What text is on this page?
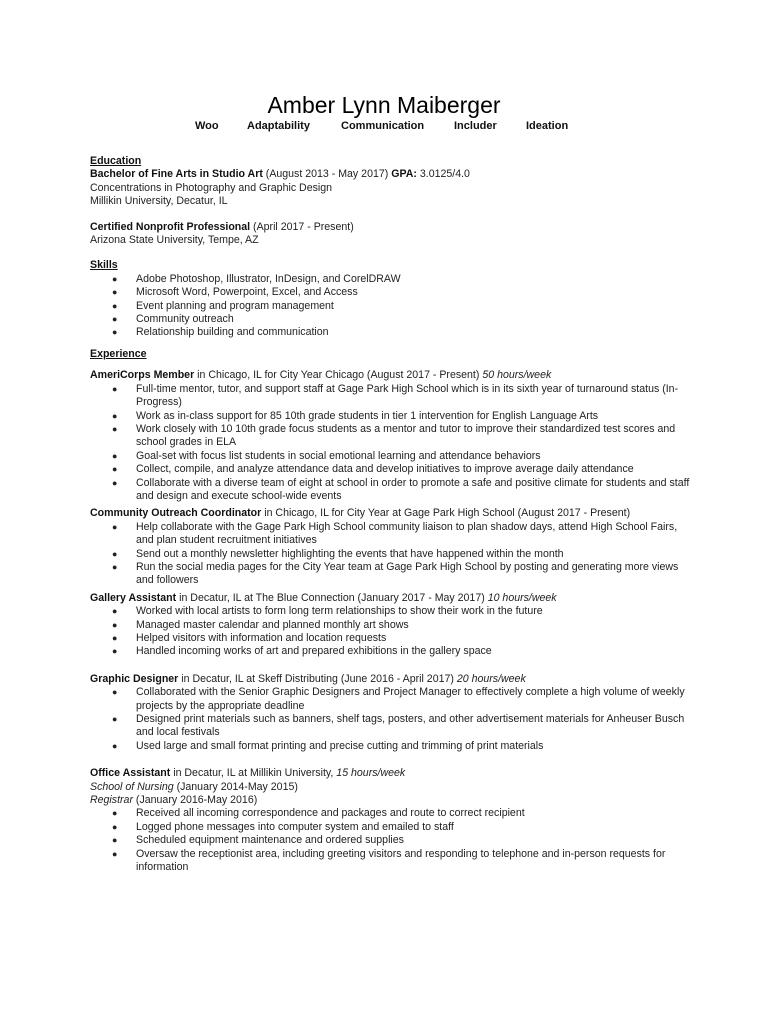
Amber Lynn Maiberger
Woo	Adaptability	Communication	Includer	Ideation
Education
Bachelor of Fine Arts in Studio Art (August 2013 - May 2017) GPA: 3.0125/4.0
Concentrations in Photography and Graphic Design
Millikin University, Decatur, IL
Certified Nonprofit Professional (April 2017 - Present)
Arizona State University, Tempe, AZ
Skills
● Adobe Photoshop, Illustrator, InDesign, and CorelDRAW
● Microsoft Word, Powerpoint, Excel, and Access
● Event planning and program management
● Community outreach
● Relationship building and communication
Experience
AmeriCorps Member in Chicago, IL for City Year Chicago (August 2017 - Present) 50 hours/week
● Full-time mentor, tutor, and support staff at Gage Park High School which is in its sixth year of turnaround status (In-Progress)
● Work as in-class support for 85 10th grade students in tier 1 intervention for English Language Arts
● Work closely with 10 10th grade focus students as a mentor and tutor to improve their standardized test scores and school grades in ELA
● Goal-set with focus list students in social emotional learning and attendance behaviors
● Collect, compile, and analyze attendance data and develop initiatives to improve average daily attendance
● Collaborate with a diverse team of eight at school in order to promote a safe and positive climate for students and staff and design and execute school-wide events
Community Outreach Coordinator in Chicago, IL for City Year at Gage Park High School (August 2017 - Present)
● Help collaborate with the Gage Park High School community liaison to plan shadow days, attend High School Fairs, and plan student recruitment initiatives
● Send out a monthly newsletter highlighting the events that have happened within the month
● Run the social media pages for the City Year team at Gage Park High School by posting and generating more views and followers
Gallery Assistant in Decatur, IL at The Blue Connection (January 2017 - May 2017) 10 hours/week
● Worked with local artists to form long term relationships to show their work in the future
● Managed master calendar and planned monthly art shows
● Helped visitors with information and location requests
● Handled incoming works of art and prepared exhibitions in the gallery space
Graphic Designer in Decatur, IL at Skeff Distributing (June 2016 - April 2017) 20 hours/week
● Collaborated with the Senior Graphic Designers and Project Manager to effectively complete a high volume of weekly projects by the appropriate deadline
● Designed print materials such as banners, shelf tags, posters, and other advertisement materials for Anheuser Busch and local festivals
● Used large and small format printing and precise cutting and trimming of print materials
Office Assistant in Decatur, IL at Millikin University, 15 hours/week
School of Nursing (January 2014-May 2015)
Registrar (January 2016-May 2016)
● Received all incoming correspondence and packages and route to correct recipient
● Logged phone messages into computer system and emailed to staff
● Scheduled equipment maintenance and ordered supplies
● Oversaw the receptionist area, including greeting visitors and responding to telephone and in-person requests for information
